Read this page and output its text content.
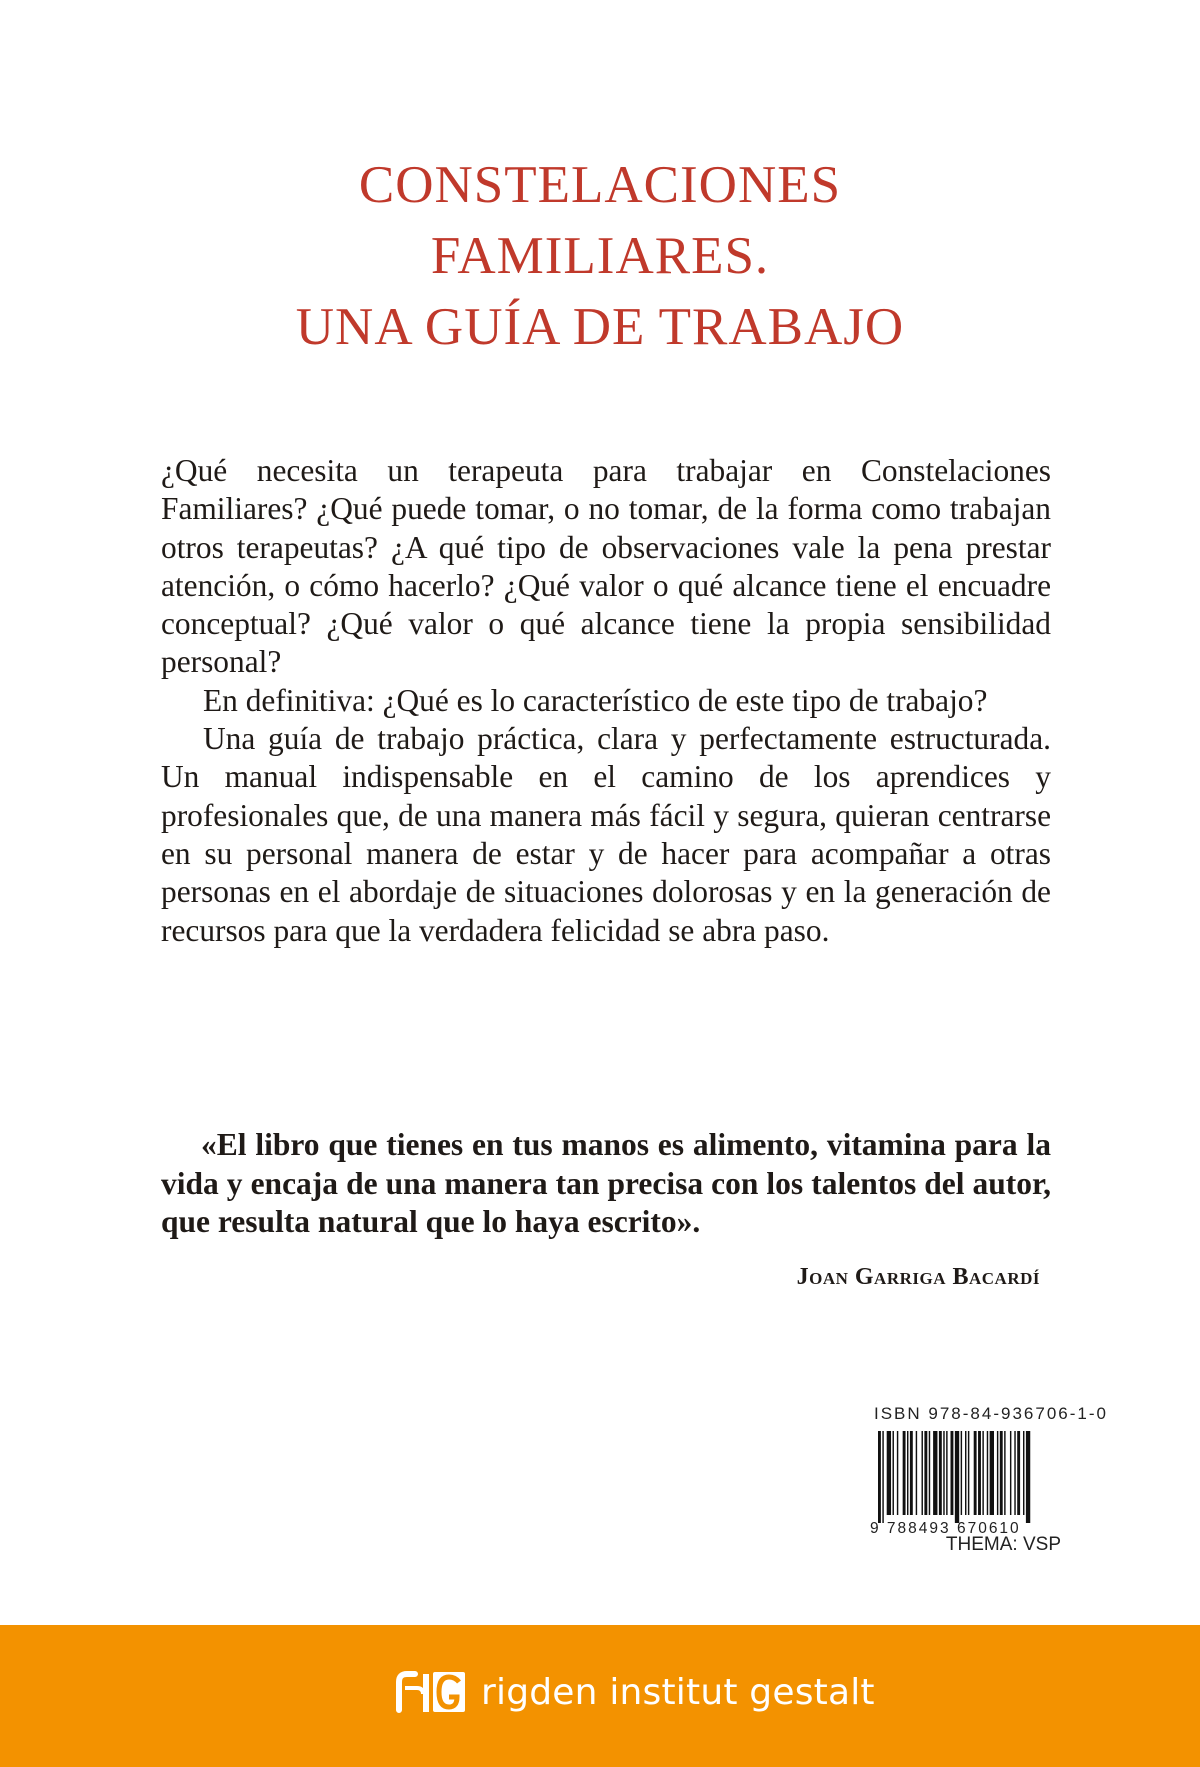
CONSTELACIONES
FAMILIARES.
UNA GUÍA DE TRABAJO

¿Qué necesita un terapeuta para trabajar en Constelaciones Familiares? ¿Qué puede tomar, o no tomar, de la forma como trabajan otros terapeutas? ¿A qué tipo de observaciones vale la pena prestar atención, o cómo hacerlo? ¿Qué valor o qué alcance tiene el encuadre conceptual? ¿Qué valor o qué alcance tiene la propia sensibilidad personal?

En definitiva: ¿Qué es lo característico de este tipo de trabajo?

Una guía de trabajo práctica, clara y perfectamente estructurada. Un manual indispensable en el camino de los aprendices y profesionales que, de una manera más fácil y segura, quieran centrarse en su personal manera de estar y de hacer para acompañar a otras personas en el abordaje de situaciones dolorosas y en la generación de recursos para que la verdadera felicidad se abra paso.

«El libro que tienes en tus manos es alimento, vitamina para la vida y encaja de una manera tan precisa con los talentos del autor, que resulta natural que lo haya escrito».

Joan Garriga Bacardí
ISBN 978-84-936706-1-0
9 788493 670610
THEMA: VSP
rigden institut gestalt
